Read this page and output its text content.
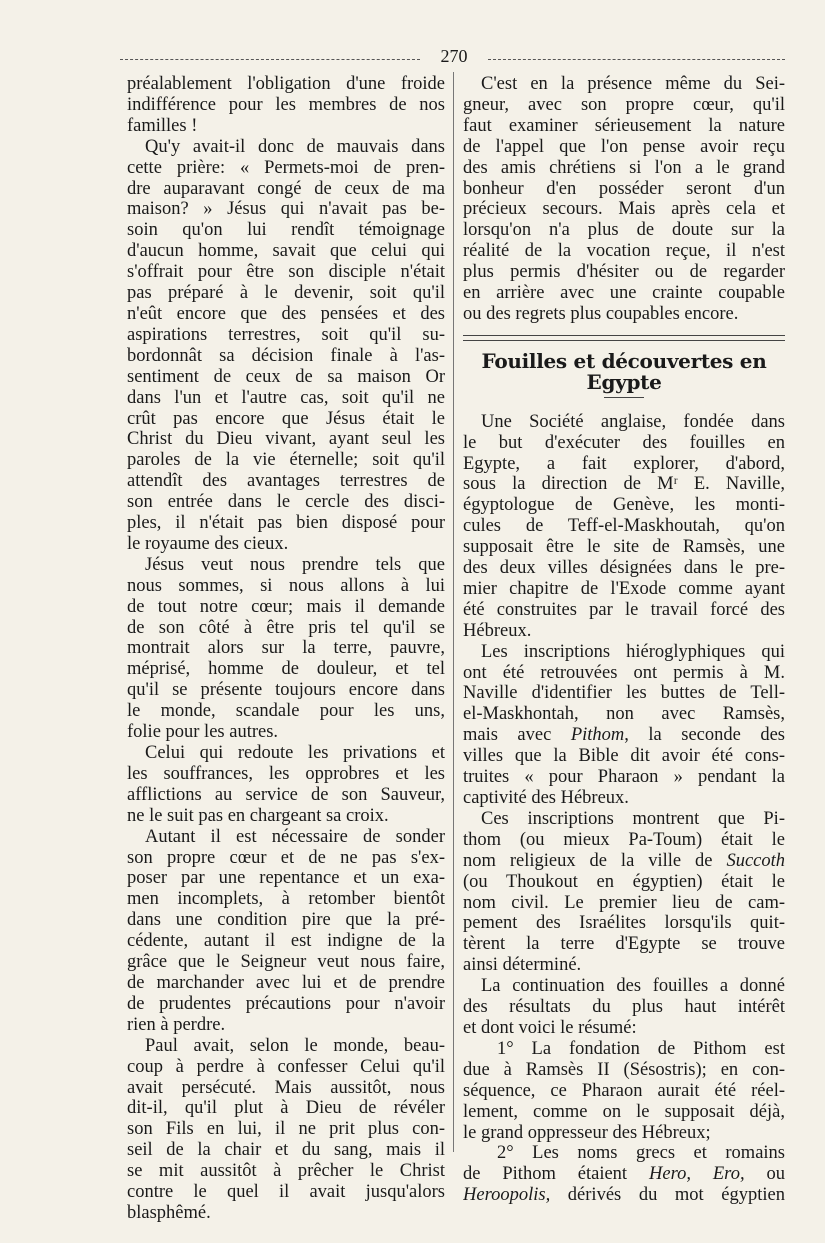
270
préalablement l'obligation d'une froide
indifférence pour les membres de nos
familles !
Qu'y avait-il donc de mauvais dans
cette prière: « Permets-moi de pren-
dre auparavant congé de ceux de ma
maison? » Jésus qui n'avait pas be-
soin qu'on lui rendît témoignage
d'aucun homme, savait que celui qui
s'offrait pour être son disciple n'était
pas préparé à le devenir, soit qu'il
n'eût encore que des pensées et des
aspirations terrestres, soit qu'il su-
bordonnât sa décision finale à l'as-
sentiment de ceux de sa maison Or
dans l'un et l'autre cas, soit qu'il ne
crût pas encore que Jésus était le
Christ du Dieu vivant, ayant seul les
paroles de la vie éternelle; soit qu'il
attendît des avantages terrestres de
son entrée dans le cercle des disci-
ples, il n'était pas bien disposé pour
le royaume des cieux.
Jésus veut nous prendre tels que
nous sommes, si nous allons à lui
de tout notre cœur; mais il demande
de son côté à être pris tel qu'il se
montrait alors sur la terre, pauvre,
méprisé, homme de douleur, et tel
qu'il se présente toujours encore dans
le monde, scandale pour les uns,
folie pour les autres.
Celui qui redoute les privations et
les souffrances, les opprobres et les
afflictions au service de son Sauveur,
ne le suit pas en chargeant sa croix.
Autant il est nécessaire de sonder
son propre cœur et de ne pas s'ex-
poser par une repentance et un exa-
men incomplets, à retomber bientôt
dans une condition pire que la pré-
cédente, autant il est indigne de la
grâce que le Seigneur veut nous faire,
de marchander avec lui et de prendre
de prudentes précautions pour n'avoir
rien à perdre.
Paul avait, selon le monde, beau-
coup à perdre à confesser Celui qu'il
avait persécuté. Mais aussitôt, nous
dit-il, qu'il plut à Dieu de révéler
son Fils en lui, il ne prit plus con-
seil de la chair et du sang, mais il
se mit aussitôt à prêcher le Christ
contre le quel il avait jusqu'alors
blasphêmé.
C'est en la présence même du Sei-
gneur, avec son propre cœur, qu'il
faut examiner sérieusement la nature
de l'appel que l'on pense avoir reçu
des amis chrétiens si l'on a le grand
bonheur d'en posséder seront d'un
précieux secours. Mais après cela et
lorsqu'on n'a plus de doute sur la
réalité de la vocation reçue, il n'est
plus permis d'hésiter ou de regarder
en arrière avec une crainte coupable
ou des regrets plus coupables encore.
Fouilles et découvertes en Egypte
Une Société anglaise, fondée dans
le but d'exécuter des fouilles en
Egypte, a fait explorer, d'abord,
sous la direction de Mʳ E. Naville,
égyptologue de Genève, les monti-
cules de Teff-el-Maskhoutah, qu'on
supposait être le site de Ramsès, une
des deux villes désignées dans le pre-
mier chapitre de l'Exode comme ayant
été construites par le travail forcé des
Hébreux.
Les inscriptions hiéroglyphiques qui
ont été retrouvées ont permis à M.
Naville d'identifier les buttes de Tell-
el-Maskhontah, non avec Ramsès,
mais avec Pithom, la seconde des
villes que la Bible dit avoir été cons-
truites « pour Pharaon » pendant la
captivité des Hébreux.
Ces inscriptions montrent que Pi-
thom (ou mieux Pa-Toum) était le
nom religieux de la ville de Succoth
(ou Thoukout en égyptien) était le
nom civil. Le premier lieu de cam-
pement des Israélites lorsqu'ils quit-
tèrent la terre d'Egypte se trouve
ainsi déterminé.
La continuation des fouilles a donné
des résultats du plus haut intérêt
et dont voici le résumé:
1° La fondation de Pithom est
due à Ramsès II (Sésostris); en con-
séquence, ce Pharaon aurait été réel-
lement, comme on le supposait déjà,
le grand oppresseur des Hébreux;
2° Les noms grecs et romains
de Pithom étaient Hero, Ero, ou
Heroopolis, dérivés du mot égyptien
